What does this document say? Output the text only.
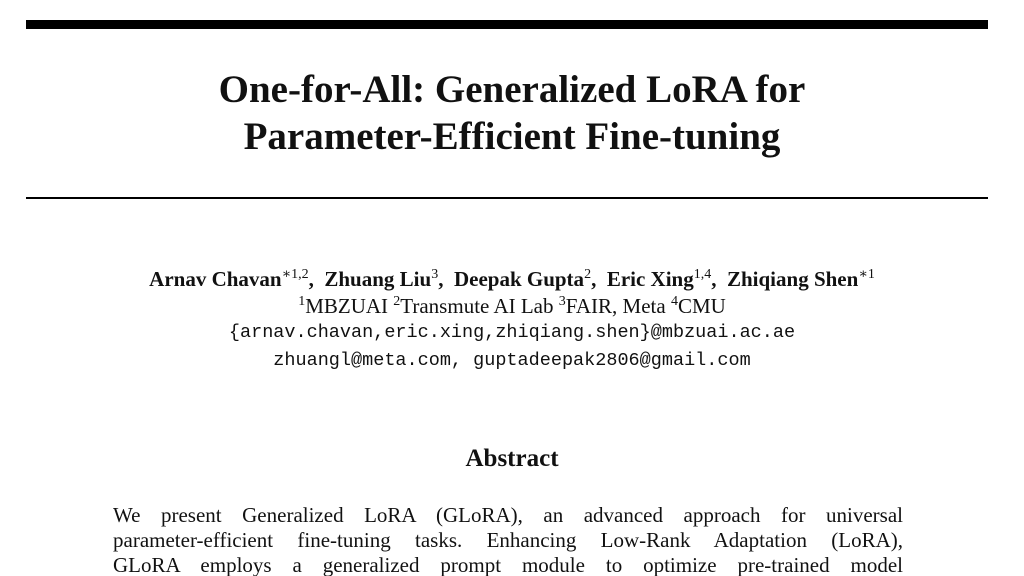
One-for-All: Generalized LoRA for
Parameter-Efficient Fine-tuning
Arnav Chavan$^{∗1,2}$,  Zhuang Liu$^3$,  Deepak Gupta$^2$,  Eric Xing$^{1,4}$,  Zhiqiang Shen$^{∗1}$
$^1$MBZUAI $^2$Transmute AI Lab $^3$FAIR, Meta $^4$CMU
{arnav.chavan,eric.xing,zhiqiang.shen}@mbzuai.ac.ae
zhuangl@meta.com, guptadeepak2806@gmail.com
Abstract
We present Generalized LoRA (GLoRA), an advanced approach for universal
parameter-efficient fine-tuning tasks. Enhancing Low-Rank Adaptation (LoRA),
GLoRA employs a generalized prompt module to optimize pre-trained model
